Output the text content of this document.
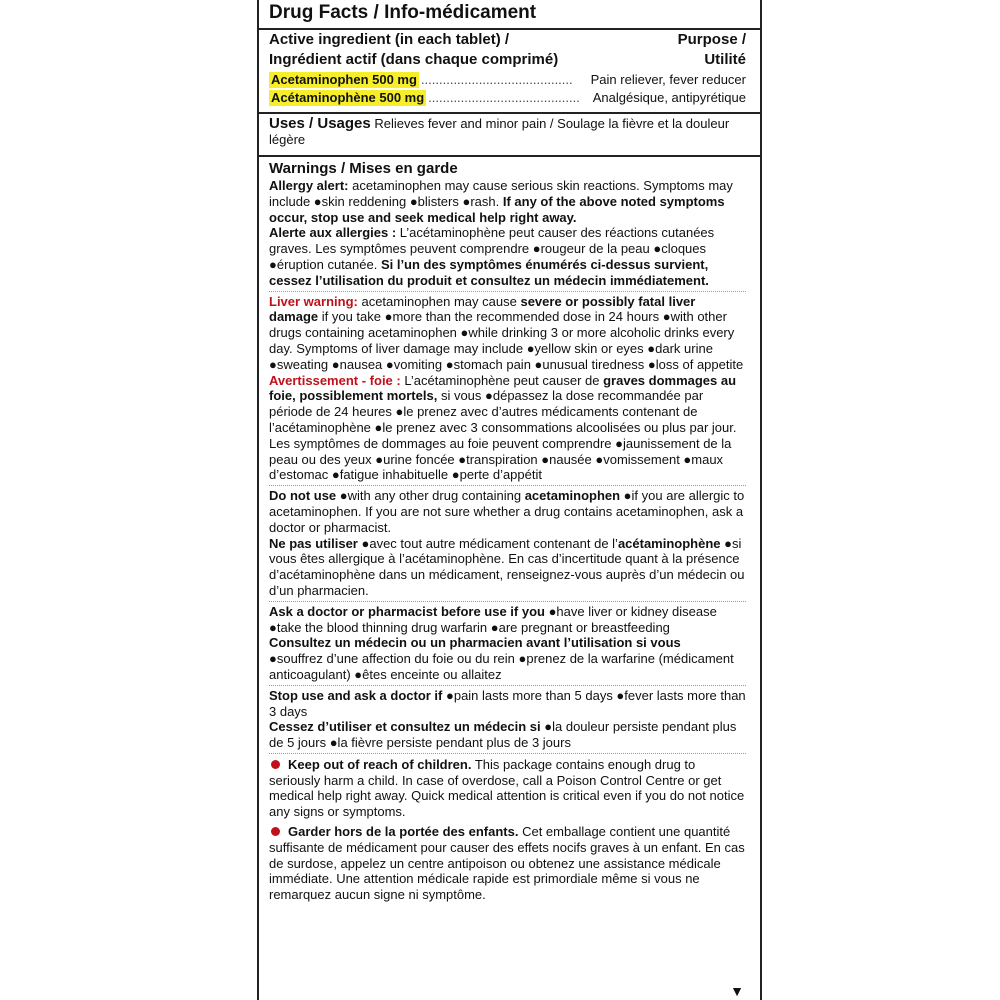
Drug Facts / Info-médicament
Active ingredient (in each tablet) /
Ingrédient actif (dans chaque comprimé)
Purpose /
Utilité
Acetaminophen 500 mg ..........................................	Pain reliever, fever reducer
Acétaminophène 500 mg .......................................... Analgésique, antipyrétique
Uses / Usages Relieves fever and minor pain / Soulage la fièvre et la douleur légère
Warnings / Mises en garde

Allergy alert: acetaminophen may cause serious skin reactions. Symptoms may include ●skin reddening ●blisters ●rash. If any of the above noted symptoms occur, stop use and seek medical help right away.

Alerte aux allergies : L’acétaminophène peut causer des réactions cutanées graves. Les symptômes peuvent comprendre ●rougeur de la peau ●cloques ●éruption cutanée. Si l’un des symptômes énumérés ci-dessus survient, cessez l’utilisation du produit et consultez un médecin immédiatement.

Liver warning: acetaminophen may cause severe or possibly fatal liver damage if you take ●more than the recommended dose in 24 hours ●with other drugs containing acetaminophen ●while drinking 3 or more alcoholic drinks every day. Symptoms of liver damage may include ●yellow skin or eyes ●dark urine ●sweating ●nausea ●vomiting ●stomach pain ●unusual tiredness ●loss of appetite

Avertissement - foie : L’acétaminophène peut causer de graves dommages au foie, possiblement mortels, si vous ●dépassez la dose recommandée par période de 24 heures ●le prenez avec d’autres médicaments contenant de l’acétaminophène ●le prenez avec 3 consommations alcoolisées ou plus par jour. Les symptômes de dommages au foie peuvent comprendre ●jaunissement de la peau ou des yeux ●urine foncée ●transpiration ●nausée ●vomissement ●maux d’estomac ●fatigue inhabituelle ●perte d’appétit

Do not use ●with any other drug containing acetaminophen ●if you are allergic to acetaminophen. If you are not sure whether a drug contains acetaminophen, ask a doctor or pharmacist.

Ne pas utiliser ●avec tout autre médicament contenant de l’acétaminophène ●si vous êtes allergique à l’acétaminophène. En cas d’incertitude quant à la présence d’acétaminophène dans un médicament, renseignez-vous auprès d’un médecin ou d’un pharmacien.

Ask a doctor or pharmacist before use if you ●have liver or kidney disease ●take the blood thinning drug warfarin ●are pregnant or breastfeeding

Consultez un médecin ou un pharmacien avant l’utilisation si vous
●souffrez d’une affection du foie ou du rein ●prenez de la warfarine (médicament anticoagulant) ●êtes enceinte ou allaitez

Stop use and ask a doctor if ●pain lasts more than 5 days ●fever lasts more than 3 days

Cessez d’utiliser et consultez un médecin si ●la douleur persiste pendant plus de 5 jours ●la fièvre persiste pendant plus de 3 jours

Keep out of reach of children. This package contains enough drug to seriously harm a child. In case of overdose, call a Poison Control Centre or get medical help right away. Quick medical attention is critical even if you do not notice any signs or symptoms.

Garder hors de la portée des enfants. Cet emballage contient une quantité suffisante de médicament pour causer des effets nocifs graves à un enfant. En cas de surdose, appelez un centre antipoison ou obtenez une assistance médicale immédiate. Une attention médicale rapide est primordiale même si vous ne remarquez aucun signe ni symptôme.

▼
